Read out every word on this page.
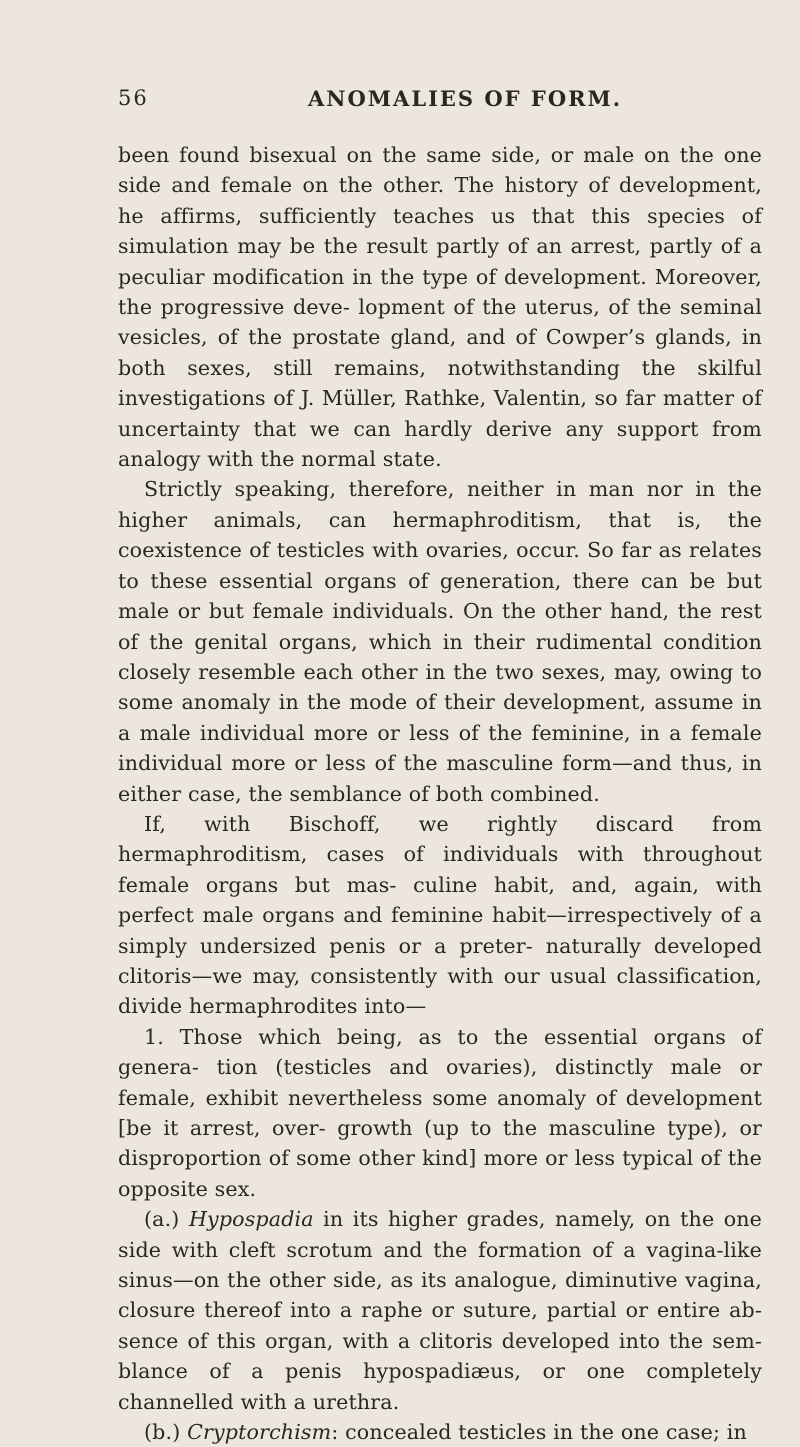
56	ANOMALIES OF FORM.

been found bisexual on the same side, or male on the one side and female on the other. The history of development, he affirms, sufficiently teaches us that this species of simulation may be the result partly of an arrest, partly of a peculiar modification in the type of development. Moreover, the progressive deve- lopment of the uterus, of the seminal vesicles, of the prostate gland, and of Cowper’s glands, in both sexes, still remains, notwithstanding the skilful investigations of J. Müller, Rathke, Valentin, so far matter of uncertainty that we can hardly derive any support from analogy with the normal state.

Strictly speaking, therefore, neither in man nor in the higher animals, can hermaphroditism, that is, the coexistence of testicles with ovaries, occur. So far as relates to these essential organs of generation, there can be but male or but female individuals. On the other hand, the rest of the genital organs, which in their rudimental condition closely resemble each other in the two sexes, may, owing to some anomaly in the mode of their development, assume in a male individual more or less of the feminine, in a female individual more or less of the masculine form—and thus, in either case, the semblance of both combined.

If, with Bischoff, we rightly discard from hermaphroditism, cases of individuals with throughout female organs but mas- culine habit, and, again, with perfect male organs and feminine habit—irrespectively of a simply undersized penis or a preter- naturally developed clitoris—we may, consistently with our usual classification, divide hermaphrodites into—

1. Those which being, as to the essential organs of genera- tion (testicles and ovaries), distinctly male or female, exhibit nevertheless some anomaly of development [be it arrest, over- growth (up to the masculine type), or disproportion of some other kind] more or less typical of the opposite sex.

(a.) Hypospadia in its higher grades, namely, on the one side with cleft scrotum and the formation of a vagina-like sinus—on the other side, as its analogue, diminutive vagina, closure thereof into a raphe or suture, partial or entire ab- sence of this organ, with a clitoris developed into the sem- blance of a penis hypospadiæus, or one completely channelled with a urethra.

(b.) Cryptorchism: concealed testicles in the one case; in
